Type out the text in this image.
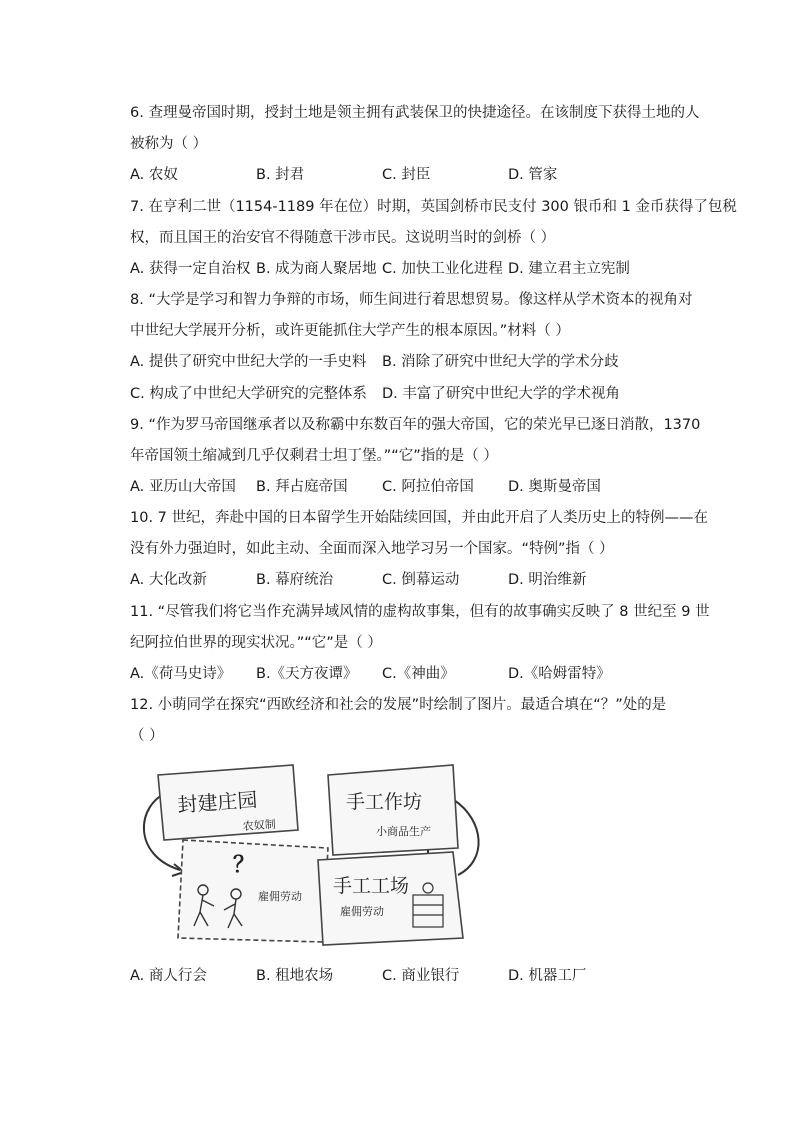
6. 查理曼帝国时期，授封土地是领主拥有武装保卫的快捷途径。在该制度下获得土地的人
被称为（ ）
A. 农奴	B. 封君	C. 封臣	D. 管家
7. 在亨利二世（1154-1189 年在位）时期，英国剑桥市民支付 300 银币和 1 金币获得了包税
权，而且国王的治安官不得随意干涉市民。这说明当时的剑桥（ ）
A. 获得一定自治权 B. 成为商人聚居地 C. 加快工业化进程 D. 建立君主立宪制
8. “大学是学习和智力争辩的市场，师生间进行着思想贸易。像这样从学术资本的视角对
中世纪大学展开分析，或许更能抓住大学产生的根本原因。”材料（ ）
A. 提供了研究中世纪大学的一手史料 B. 消除了研究中世纪大学的学术分歧
C. 构成了中世纪大学研究的完整体系 D. 丰富了研究中世纪大学的学术视角
9. “作为罗马帝国继承者以及称霸中东数百年的强大帝国，它的荣光早已逐日消散，1370
年帝国领土缩减到几乎仅剩君士坦丁堡。”“它”指的是（ ）
A. 亚历山大帝国 B. 拜占庭帝国 C. 阿拉伯帝国 D. 奥斯曼帝国
10. 7 世纪，奔赴中国的日本留学生开始陆续回国，并由此开启了人类历史上的特例——在
没有外力强迫时，如此主动、全面而深入地学习另一个国家。“特例”指（ ）
A. 大化改新	B. 幕府统治	C. 倒幕运动	D. 明治维新
11. “尽管我们将它当作充满异域风情的虚构故事集，但有的故事确实反映了 8 世纪至 9 世
纪阿拉伯世界的现实状况。”“它”是（ ）
A.《荷马史诗》 B.《天方夜谭》 C.《神曲》	D.《哈姆雷特》
12. 小萌同学在探究“西欧经济和社会的发展”时绘制了图片。最适合填在“？”处的是
（ ）
封建庄园
农奴制
手工作坊
小商品生产
？
雇佣劳动 手工工场
雇佣劳动
A. 商人行会	B. 租地农场	C. 商业银行	D. 机器工厂
